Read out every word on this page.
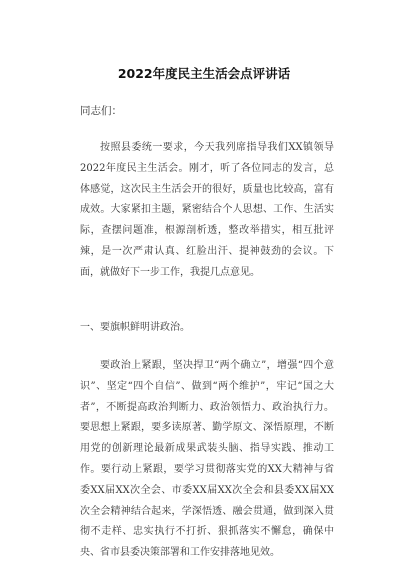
2022年度民主生活会点评讲话
同志们：

按照县委统一要求，今天我列席指导我们XX镇领导2022年度民主生活会。刚才，听了各位同志的发言，总体感觉，这次民主生活会开的很好，质量也比较高，富有成效。大家紧扣主题，紧密结合个人思想、工作、生活实际，查摆问题准，根源剖析透，整改举措实，相互批评辣，是一次严肃认真、红脸出汗、提神鼓劲的会议。下面，就做好下一步工作，我提几点意见。

一、要旗帜鲜明讲政治。

要政治上紧跟，坚决捍卫“两个确立”，增强“四个意识”、坚定“四个自信”、做到“两个维护”，牢记“国之大者”，不断提高政治判断力、政治领悟力、政治执行力。要思想上紧跟，要多读原著、勤学原文、深悟原理，不断用党的创新理论最新成果武装头脑、指导实践、推动工作。要行动上紧跟，要学习贯彻落实党的XX大精神与省委XX届XX次全会、市委XX届XX次全会和县委XX届XX次全会精神结合起来，学深悟透、融会贯通，做到深入贯彻不走样、忠实执行不打折、狠抓落实不懈怠，确保中央、省市县委决策部署和工作安排落地见效。
